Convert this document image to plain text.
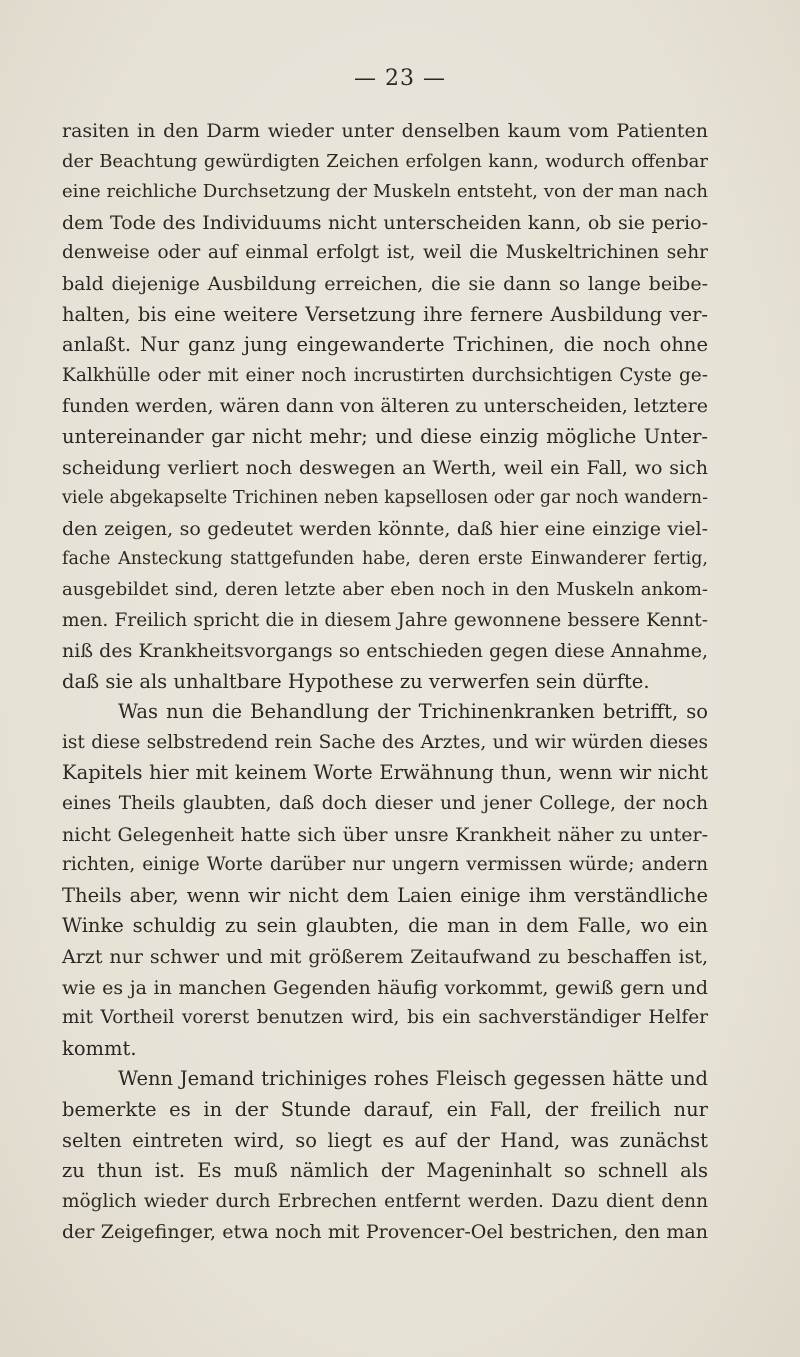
— 23 —
rasiten in den Darm wieder unter denselben kaum vom Patienten
der Beachtung gewürdigten Zeichen erfolgen kann, wodurch offenbar
eine reichliche Durchsetzung der Muskeln entsteht, von der man nach
dem Tode des Individuums nicht unterscheiden kann, ob sie perio-
denweise oder auf einmal erfolgt ist, weil die Muskeltrichinen sehr
bald diejenige Ausbildung erreichen, die sie dann so lange beibe-
halten, bis eine weitere Versetzung ihre fernere Ausbildung ver-
anlaßt. Nur ganz jung eingewanderte Trichinen, die noch ohne
Kalkhülle oder mit einer noch incrustirten durchsichtigen Cyste ge-
funden werden, wären dann von älteren zu unterscheiden, letztere
untereinander gar nicht mehr; und diese einzig mögliche Unter-
scheidung verliert noch deswegen an Werth, weil ein Fall, wo sich
viele abgekapselte Trichinen neben kapsellosen oder gar noch wandern-
den zeigen, so gedeutet werden könnte, daß hier eine einzige viel-
fache Ansteckung stattgefunden habe, deren erste Einwanderer fertig,
ausgebildet sind, deren letzte aber eben noch in den Muskeln ankom-
men. Freilich spricht die in diesem Jahre gewonnene bessere Kennt-
niß des Krankheitsvorgangs so entschieden gegen diese Annahme,
daß sie als unhaltbare Hypothese zu verwerfen sein dürfte.
Was nun die Behandlung der Trichinenkranken betrifft, so
ist diese selbstredend rein Sache des Arztes, und wir würden dieses
Kapitels hier mit keinem Worte Erwähnung thun, wenn wir nicht
eines Theils glaubten, daß doch dieser und jener College, der noch
nicht Gelegenheit hatte sich über unsre Krankheit näher zu unter-
richten, einige Worte darüber nur ungern vermissen würde; andern
Theils aber, wenn wir nicht dem Laien einige ihm verständliche
Winke schuldig zu sein glaubten, die man in dem Falle, wo ein
Arzt nur schwer und mit größerem Zeitaufwand zu beschaffen ist,
wie es ja in manchen Gegenden häufig vorkommt, gewiß gern und
mit Vortheil vorerst benutzen wird, bis ein sachverständiger Helfer
kommt.
Wenn Jemand trichiniges rohes Fleisch gegessen hätte und
bemerkte es in der Stunde darauf, ein Fall, der freilich nur
selten eintreten wird, so liegt es auf der Hand, was zunächst
zu thun ist. Es muß nämlich der Mageninhalt so schnell als
möglich wieder durch Erbrechen entfernt werden. Dazu dient denn
der Zeigefinger, etwa noch mit Provencer-Oel bestrichen, den man
